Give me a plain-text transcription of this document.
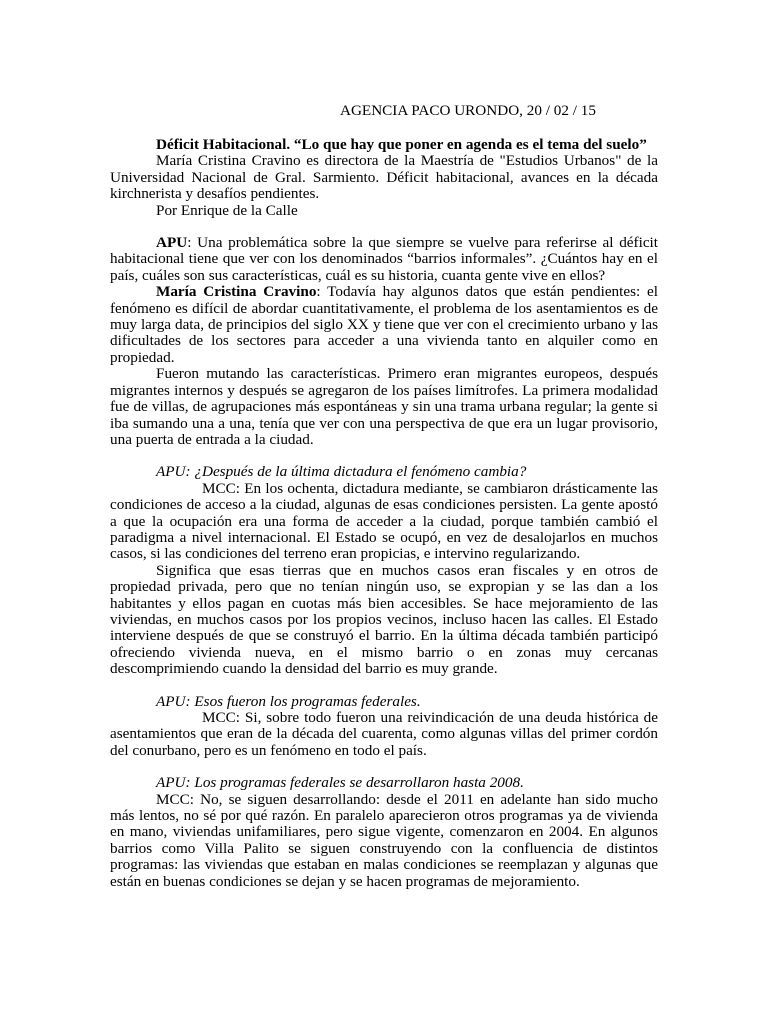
AGENCIA PACO URONDO, 20 / 02 / 15

Déficit Habitacional. “Lo que hay que poner en agenda es el tema del suelo”

María Cristina Cravino es directora de la Maestría de "Estudios Urbanos" de la Universidad Nacional de Gral. Sarmiento. Déficit habitacional, avances en la década kirchnerista y desafíos pendientes.

Por Enrique de la Calle

APU: Una problemática sobre la que siempre se vuelve para referirse al déficit habitacional tiene que ver con los denominados “barrios informales”. ¿Cuántos hay en el país, cuáles son sus características, cuál es su historia, cuanta gente vive en ellos?

María Cristina Cravino: Todavía hay algunos datos que están pendientes: el fenómeno es difícil de abordar cuantitativamente, el problema de los asentamientos es de muy larga data, de principios del siglo XX y tiene que ver con el crecimiento urbano y las dificultades de los sectores para acceder a una vivienda tanto en alquiler como en propiedad.

Fueron mutando las características. Primero eran migrantes europeos, después migrantes internos y después se agregaron de los países limítrofes. La primera modalidad fue de villas, de agrupaciones más espontáneas y sin una trama urbana regular; la gente si iba sumando una a una, tenía que ver con una perspectiva de que era un lugar provisorio, una puerta de entrada a la ciudad.

APU: ¿Después de la última dictadura el fenómeno cambia?

MCC: En los ochenta, dictadura mediante, se cambiaron drásticamente las condiciones de acceso a la ciudad, algunas de esas condiciones persisten. La gente apostó a que la ocupación era una forma de acceder a la ciudad, porque también cambió el paradigma a nivel internacional. El Estado se ocupó, en vez de desalojarlos en muchos casos, si las condiciones del terreno eran propicias, e intervino regularizando.

Significa que esas tierras que en muchos casos eran fiscales y en otros de propiedad privada, pero que no tenían ningún uso, se expropian y se las dan a los habitantes y ellos pagan en cuotas más bien accesibles. Se hace mejoramiento de las viviendas, en muchos casos por los propios vecinos, incluso hacen las calles. El Estado interviene después de que se construyó el barrio. En la última década también participó ofreciendo vivienda nueva, en el mismo barrio o en zonas muy cercanas descomprimiendo cuando la densidad del barrio es muy grande.

APU: Esos fueron los programas federales.

MCC: Si, sobre todo fueron una reivindicación de una deuda histórica de asentamientos que eran de la década del cuarenta, como algunas villas del primer cordón del conurbano, pero es un fenómeno en todo el país.

APU: Los programas federales se desarrollaron hasta 2008.

MCC: No, se siguen desarrollando: desde el 2011 en adelante han sido mucho más lentos, no sé por qué razón. En paralelo aparecieron otros programas ya de vivienda en mano, viviendas unifamiliares, pero sigue vigente, comenzaron en 2004. En algunos barrios como Villa Palito se siguen construyendo con la confluencia de distintos programas: las viviendas que estaban en malas condiciones se reemplazan y algunas que están en buenas condiciones se dejan y se hacen programas de mejoramiento.
